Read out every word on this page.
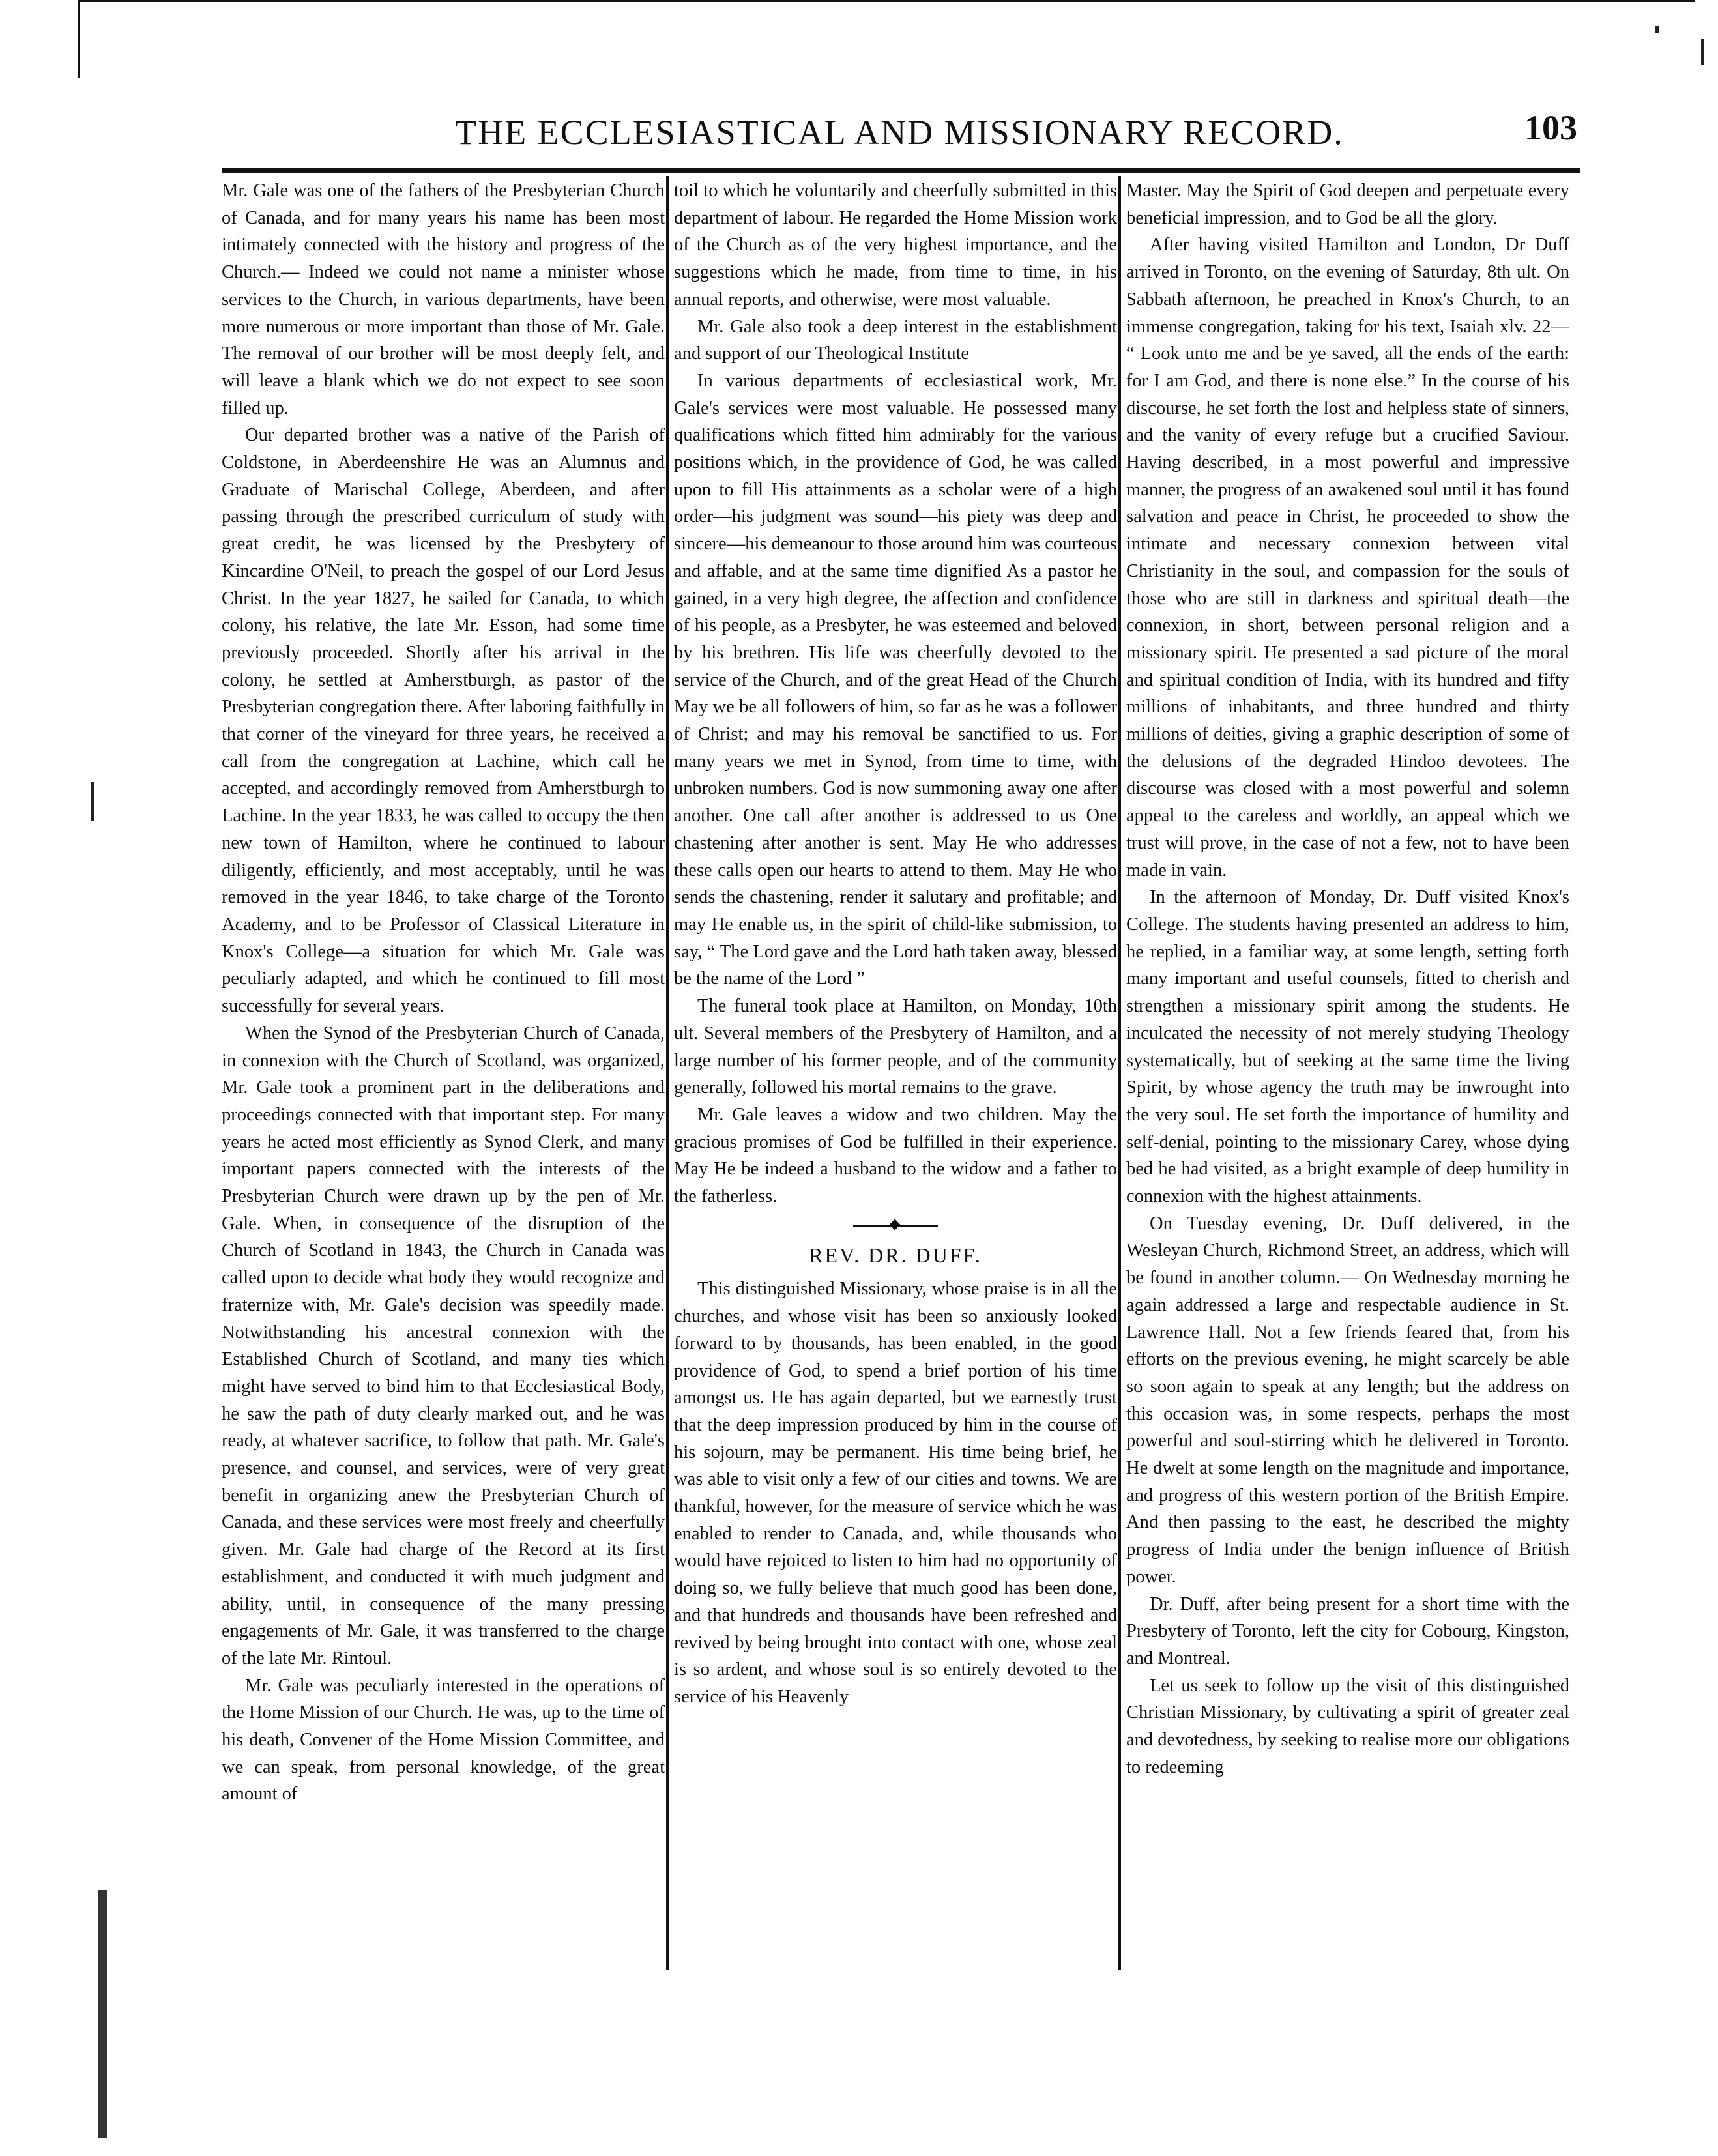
THE ECCLESIASTICAL AND MISSIONARY RECORD.	103

Mr. Gale was one of the fathers of the Presbyterian Church of Canada, and for many years his name has been most intimately connected with the history and progress of the Church.— Indeed we could not name a minister whose services to the Church, in various departments, have been more numerous or more important than those of Mr. Gale. The removal of our brother will be most deeply felt, and will leave a blank which we do not expect to see soon filled up.

Our departed brother was a native of the Parish of Coldstone, in Aberdeenshire He was an Alumnus and Graduate of Marischal College, Aberdeen, and after passing through the prescribed curriculum of study with great credit, he was licensed by the Presbytery of Kincardine O'Neil, to preach the gospel of our Lord Jesus Christ. In the year 1827, he sailed for Canada, to which colony, his relative, the late Mr. Esson, had some time previously proceeded. Shortly after his arrival in the colony, he settled at Amherstburgh, as pastor of the Presbyterian congregation there. After laboring faithfully in that corner of the vineyard for three years, he received a call from the congregation at Lachine, which call he accepted, and accordingly removed from Amherstburgh to Lachine. In the year 1833, he was called to occupy the then new town of Hamilton, where he continued to labour diligently, efficiently, and most acceptably, until he was removed in the year 1846, to take charge of the Toronto Academy, and to be Professor of Classical Literature in Knox's College—a situation for which Mr. Gale was peculiarly adapted, and which he continued to fill most successfully for several years.

When the Synod of the Presbyterian Church of Canada, in connexion with the Church of Scotland, was organized, Mr. Gale took a prominent part in the deliberations and proceedings connected with that important step. For many years he acted most efficiently as Synod Clerk, and many important papers connected with the interests of the Presbyterian Church were drawn up by the pen of Mr. Gale. When, in consequence of the disruption of the Church of Scotland in 1843, the Church in Canada was called upon to decide what body they would recognize and fraternize with, Mr. Gale's decision was speedily made. Notwithstanding his ancestral connexion with the Established Church of Scotland, and many ties which might have served to bind him to that Ecclesiastical Body, he saw the path of duty clearly marked out, and he was ready, at whatever sacrifice, to follow that path. Mr. Gale's presence, and counsel, and services, were of very great benefit in organizing anew the Presbyterian Church of Canada, and these services were most freely and cheerfully given. Mr. Gale had charge of the Record at its first establishment, and conducted it with much judgment and ability, until, in consequence of the many pressing engagements of Mr. Gale, it was transferred to the charge of the late Mr. Rintoul.

Mr. Gale was peculiarly interested in the operations of the Home Mission of our Church. He was, up to the time of his death, Convener of the Home Mission Committee, and we can speak, from personal knowledge, of the great amount of

toil to which he voluntarily and cheerfully submitted in this department of labour. He regarded the Home Mission work of the Church as of the very highest importance, and the suggestions which he made, from time to time, in his annual reports, and otherwise, were most valuable.

Mr. Gale also took a deep interest in the establishment and support of our Theological Institute

In various departments of ecclesiastical work, Mr. Gale's services were most valuable. He possessed many qualifications which fitted him admirably for the various positions which, in the providence of God, he was called upon to fill His attainments as a scholar were of a high order—his judgment was sound—his piety was deep and sincere—his demeanour to those around him was courteous and affable, and at the same time dignified As a pastor he gained, in a very high degree, the affection and confidence of his people, as a Presbyter, he was esteemed and beloved by his brethren. His life was cheerfully devoted to the service of the Church, and of the great Head of the Church May we be all followers of him, so far as he was a follower of Christ; and may his removal be sanctified to us. For many years we met in Synod, from time to time, with unbroken numbers. God is now summoning away one after another. One call after another is addressed to us One chastening after another is sent. May He who addresses these calls open our hearts to attend to them. May He who sends the chastening, render it salutary and profitable; and may He enable us, in the spirit of child-like submission, to say, “ The Lord gave and the Lord hath taken away, blessed be the name of the Lord ”

The funeral took place at Hamilton, on Monday, 10th ult. Several members of the Presbytery of Hamilton, and a large number of his former people, and of the community generally, followed his mortal remains to the grave.

Mr. Gale leaves a widow and two children. May the gracious promises of God be fulfilled in their experience. May He be indeed a husband to the widow and a father to the fatherless.

REV. DR. DUFF.

This distinguished Missionary, whose praise is in all the churches, and whose visit has been so anxiously looked forward to by thousands, has been enabled, in the good providence of God, to spend a brief portion of his time amongst us. He has again departed, but we earnestly trust that the deep impression produced by him in the course of his sojourn, may be permanent. His time being brief, he was able to visit only a few of our cities and towns. We are thankful, however, for the measure of service which he was enabled to render to Canada, and, while thousands who would have rejoiced to listen to him had no opportunity of doing so, we fully believe that much good has been done, and that hundreds and thousands have been refreshed and revived by being brought into contact with one, whose zeal is so ardent, and whose soul is so entirely devoted to the service of his Heavenly

Master. May the Spirit of God deepen and perpetuate every beneficial impression, and to God be all the glory.

After having visited Hamilton and London, Dr Duff arrived in Toronto, on the evening of Saturday, 8th ult. On Sabbath afternoon, he preached in Knox's Church, to an immense congregation, taking for his text, Isaiah xlv. 22— “ Look unto me and be ye saved, all the ends of the earth: for I am God, and there is none else.” In the course of his discourse, he set forth the lost and helpless state of sinners, and the vanity of every refuge but a crucified Saviour. Having described, in a most powerful and impressive manner, the progress of an awakened soul until it has found salvation and peace in Christ, he proceeded to show the intimate and necessary connexion between vital Christianity in the soul, and compassion for the souls of those who are still in darkness and spiritual death—the connexion, in short, between personal religion and a missionary spirit. He presented a sad picture of the moral and spiritual condition of India, with its hundred and fifty millions of inhabitants, and three hundred and thirty millions of deities, giving a graphic description of some of the delusions of the degraded Hindoo devotees. The discourse was closed with a most powerful and solemn appeal to the careless and worldly, an appeal which we trust will prove, in the case of not a few, not to have been made in vain.

In the afternoon of Monday, Dr. Duff visited Knox's College. The students having presented an address to him, he replied, in a familiar way, at some length, setting forth many important and useful counsels, fitted to cherish and strengthen a missionary spirit among the students. He inculcated the necessity of not merely studying Theology systematically, but of seeking at the same time the living Spirit, by whose agency the truth may be inwrought into the very soul. He set forth the importance of humility and self-denial, pointing to the missionary Carey, whose dying bed he had visited, as a bright example of deep humility in connexion with the highest attainments.

On Tuesday evening, Dr. Duff delivered, in the Wesleyan Church, Richmond Street, an address, which will be found in another column.— On Wednesday morning he again addressed a large and respectable audience in St. Lawrence Hall. Not a few friends feared that, from his efforts on the previous evening, he might scarcely be able so soon again to speak at any length; but the address on this occasion was, in some respects, perhaps the most powerful and soul-stirring which he delivered in Toronto. He dwelt at some length on the magnitude and importance, and progress of this western portion of the British Empire. And then passing to the east, he described the mighty progress of India under the benign influence of British power.

Dr. Duff, after being present for a short time with the Presbytery of Toronto, left the city for Cobourg, Kingston, and Montreal.

Let us seek to follow up the visit of this distinguished Christian Missionary, by cultivating a spirit of greater zeal and devotedness, by seeking to realise more our obligations to redeeming
